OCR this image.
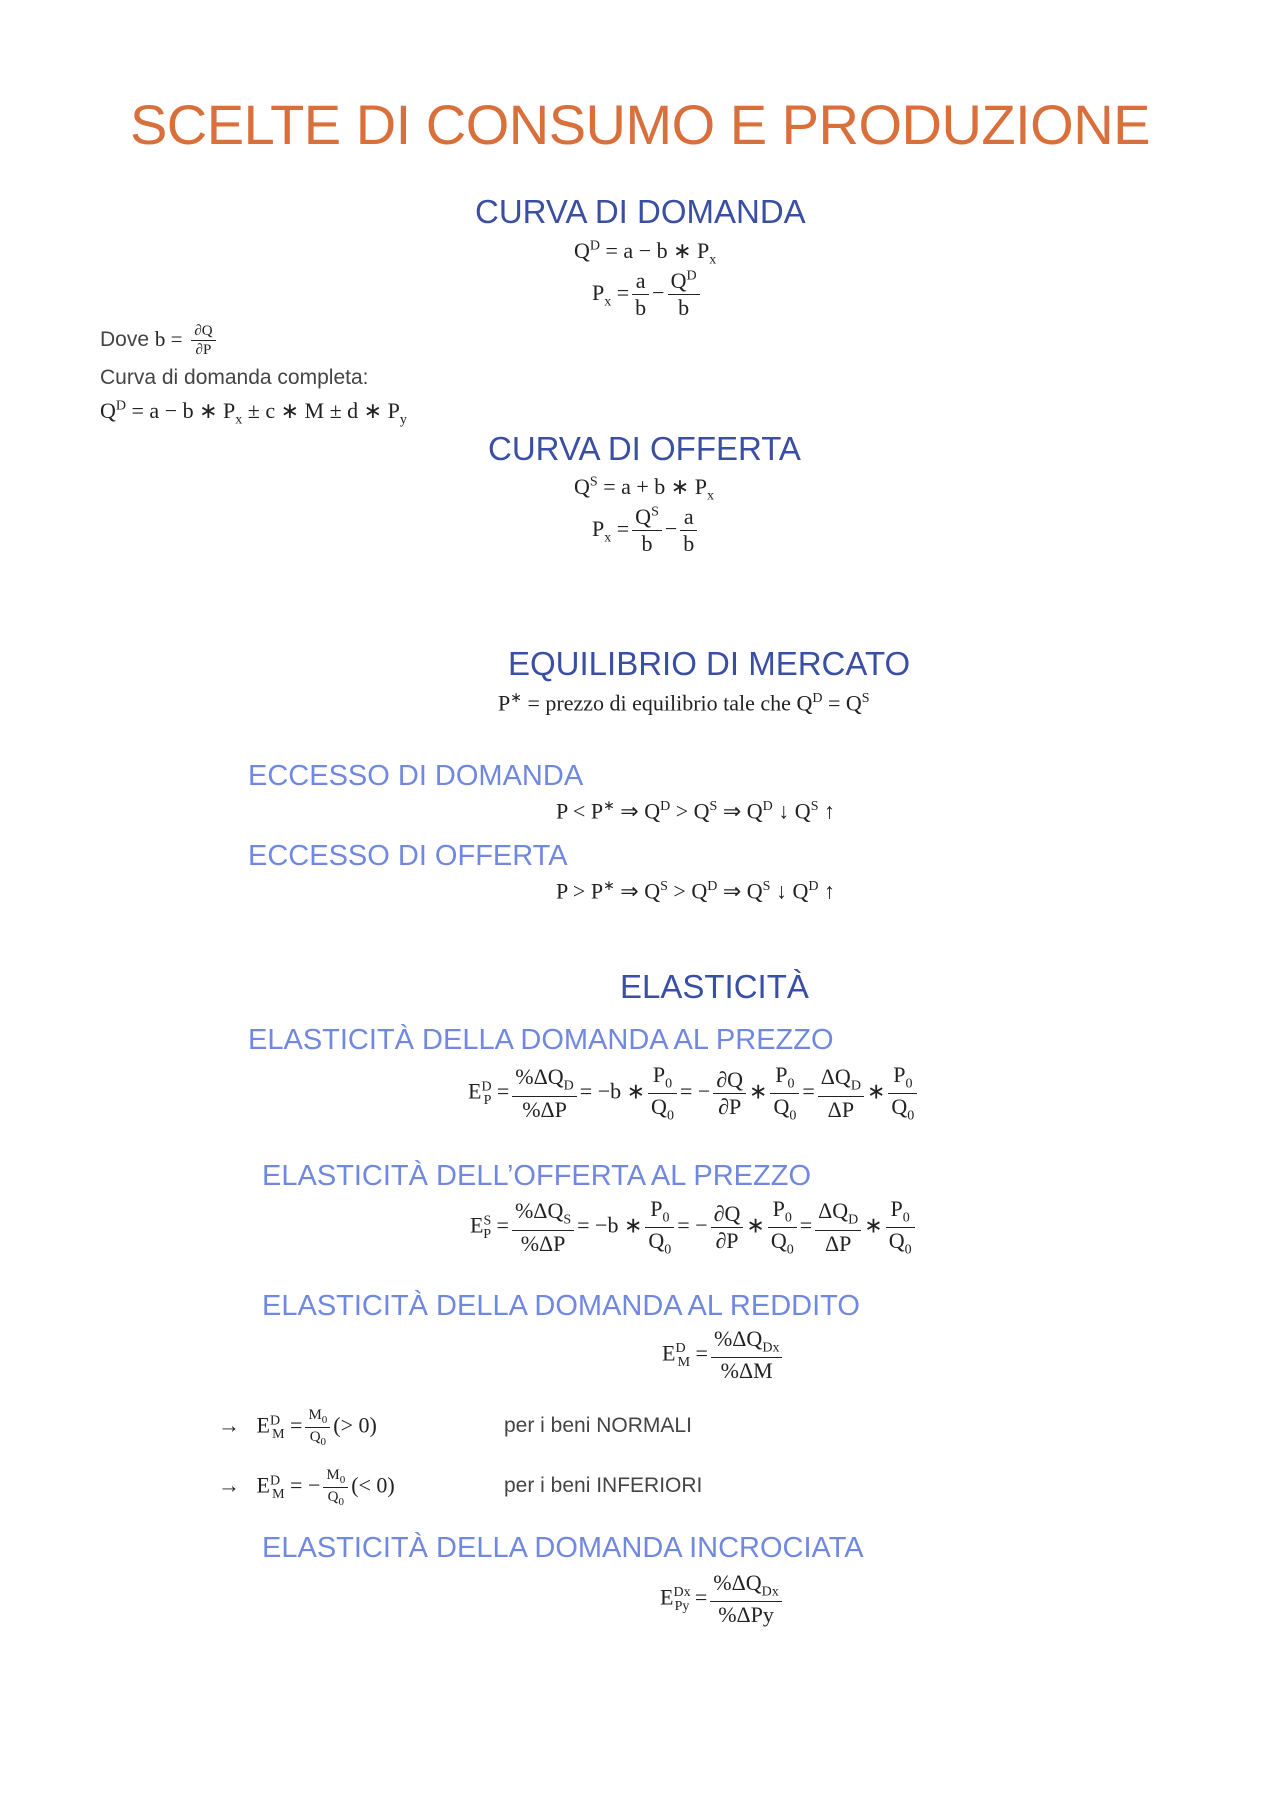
SCELTE DI CONSUMO E PRODUZIONE
CURVA DI DOMANDA
$Q^D = a - b$ ∗ $P_x$
$P_x = \frac{a}{b} - \frac{Q^D}{b}$
Dove $b = \frac{\partial Q}{\partial P}$
Curva di domanda completa:
$Q^D = a - b$ ∗ $P_x \pm c$ ∗ M ± d ∗ $P_y$
CURVA DI OFFERTA
$Q^S = a + b$ ∗ $P_x$
$P_x = \frac{Q^S}{b} - \frac{a}{b}$
EQUILIBRIO DI MERCATO
P∗ = prezzo di equilibrio tale che $Q^D = Q^S$
ECCESSO DI DOMANDA
P < P∗ ⇒ $Q^D > Q^S$ ⇒ $Q^D$ ↓ $Q^S$ ↑
ECCESSO DI OFFERTA
P > P∗ ⇒ $Q^S > Q^D$ ⇒ $Q^S$ ↓ $Q^D$ ↑
ELASTICITÀ
ELASTICITÀ DELLA DOMANDA AL PREZZO
$E^D_P = \frac{\%\Delta Q_D}{\%\Delta P} = -b$ ∗ $\frac{P_0}{Q_0}$ = − $\frac{\partial Q}{\partial P}$ ∗ $\frac{P_0}{Q_0} = \frac{\Delta Q_D}{\Delta P}$ ∗ $\frac{P_0}{Q_0}$
ELASTICITÀ DELL’OFFERTA AL PREZZO
$E^S_P = \frac{\%\Delta Q_S}{\%\Delta P} = -b$ ∗ $\frac{P_0}{Q_0}$ = − $\frac{\partial Q}{\partial P}$ ∗ $\frac{P_0}{Q_0} = \frac{\Delta Q_D}{\Delta P}$ ∗ $\frac{P_0}{Q_0}$
ELASTICITÀ DELLA DOMANDA AL REDDITO
$E^D_M = \frac{\%\Delta Q_{Dx}}{\%\Delta M}$
→   $E^D_M = \frac{M_0}{Q_0}$ (> 0)	per i beni NORMALI
→   $E^D_M$ = − $\frac{M_0}{Q_0}$ (< 0)	per i beni INFERIORI
ELASTICITÀ DELLA DOMANDA INCROCIATA
$E^{Dx}_{Py} = \frac{\%\Delta Q_{Dx}}{\text{\%ΔPy}}$
